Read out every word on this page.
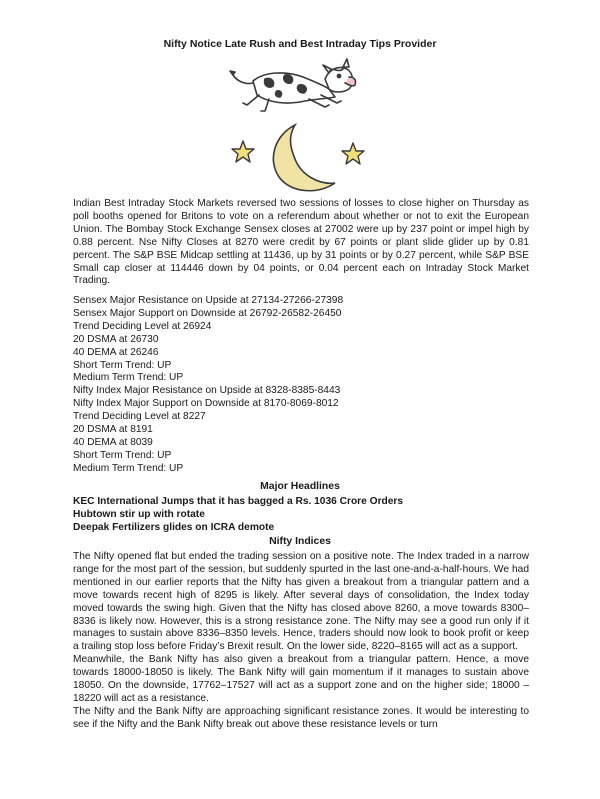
Nifty Notice Late Rush and Best Intraday Tips Provider

Indian Best Intraday Stock Markets reversed two sessions of losses to close higher on Thursday as poll booths opened for Britons to vote on a referendum about whether or not to exit the European Union. The Bombay Stock Exchange Sensex closes at 27002 were up by 237 point or impel high by 0.88 percent. Nse Nifty Closes at 8270 were credit by 67 points or plant slide glider up by 0.81 percent. The S&P BSE Midcap settling at 11436, up by 31 points or by 0.27 percent, while S&P BSE Small cap closer at 114446 down by 04 points, or 0.04 percent each on Intraday Stock Market Trading.

Sensex Major Resistance on Upside at 27134-27266-27398
Sensex Major Support on Downside at 26792-26582-26450
Trend Deciding Level at 26924
20 DSMA at 26730
40 DEMA at 26246
Short Term Trend: UP
Medium Term Trend: UP
Nifty Index Major Resistance on Upside at 8328-8385-8443
Nifty Index Major Support on Downside at 8170-8069-8012
Trend Deciding Level at 8227
20 DSMA at 8191
40 DEMA at 8039
Short Term Trend: UP
Medium Term Trend: UP
Major Headlines
KEC International Jumps that it has bagged a Rs. 1036 Crore Orders
Hubtown stir up with rotate
Deepak Fertilizers glides on ICRA demote
Nifty Indices

The Nifty opened flat but ended the trading session on a positive note. The Index traded in a narrow range for the most part of the session, but suddenly spurted in the last one-and-a-half-hours. We had mentioned in our earlier reports that the Nifty has given a breakout from a triangular pattern and a move towards recent high of 8295 is likely. After several days of consolidation, the Index today moved towards the swing high. Given that the Nifty has closed above 8260, a move towards 8300–8336 is likely now. However, this is a strong resistance zone. The Nifty may see a good run only if it manages to sustain above 8336–8350 levels. Hence, traders should now look to book profit or keep a trailing stop loss before Friday’s Brexit result. On the lower side, 8220–8165 will act as a support.

Meanwhile, the Bank Nifty has also given a breakout from a triangular pattern. Hence, a move towards 18000-18050 is likely. The Bank Nifty will gain momentum if it manages to sustain above 18050. On the downside, 17762–17527 will act as a support zone and on the higher side; 18000 – 18220 will act as a resistance.

The Nifty and the Bank Nifty are approaching significant resistance zones. It would be interesting to see if the Nifty and the Bank Nifty break out above these resistance levels or turn
